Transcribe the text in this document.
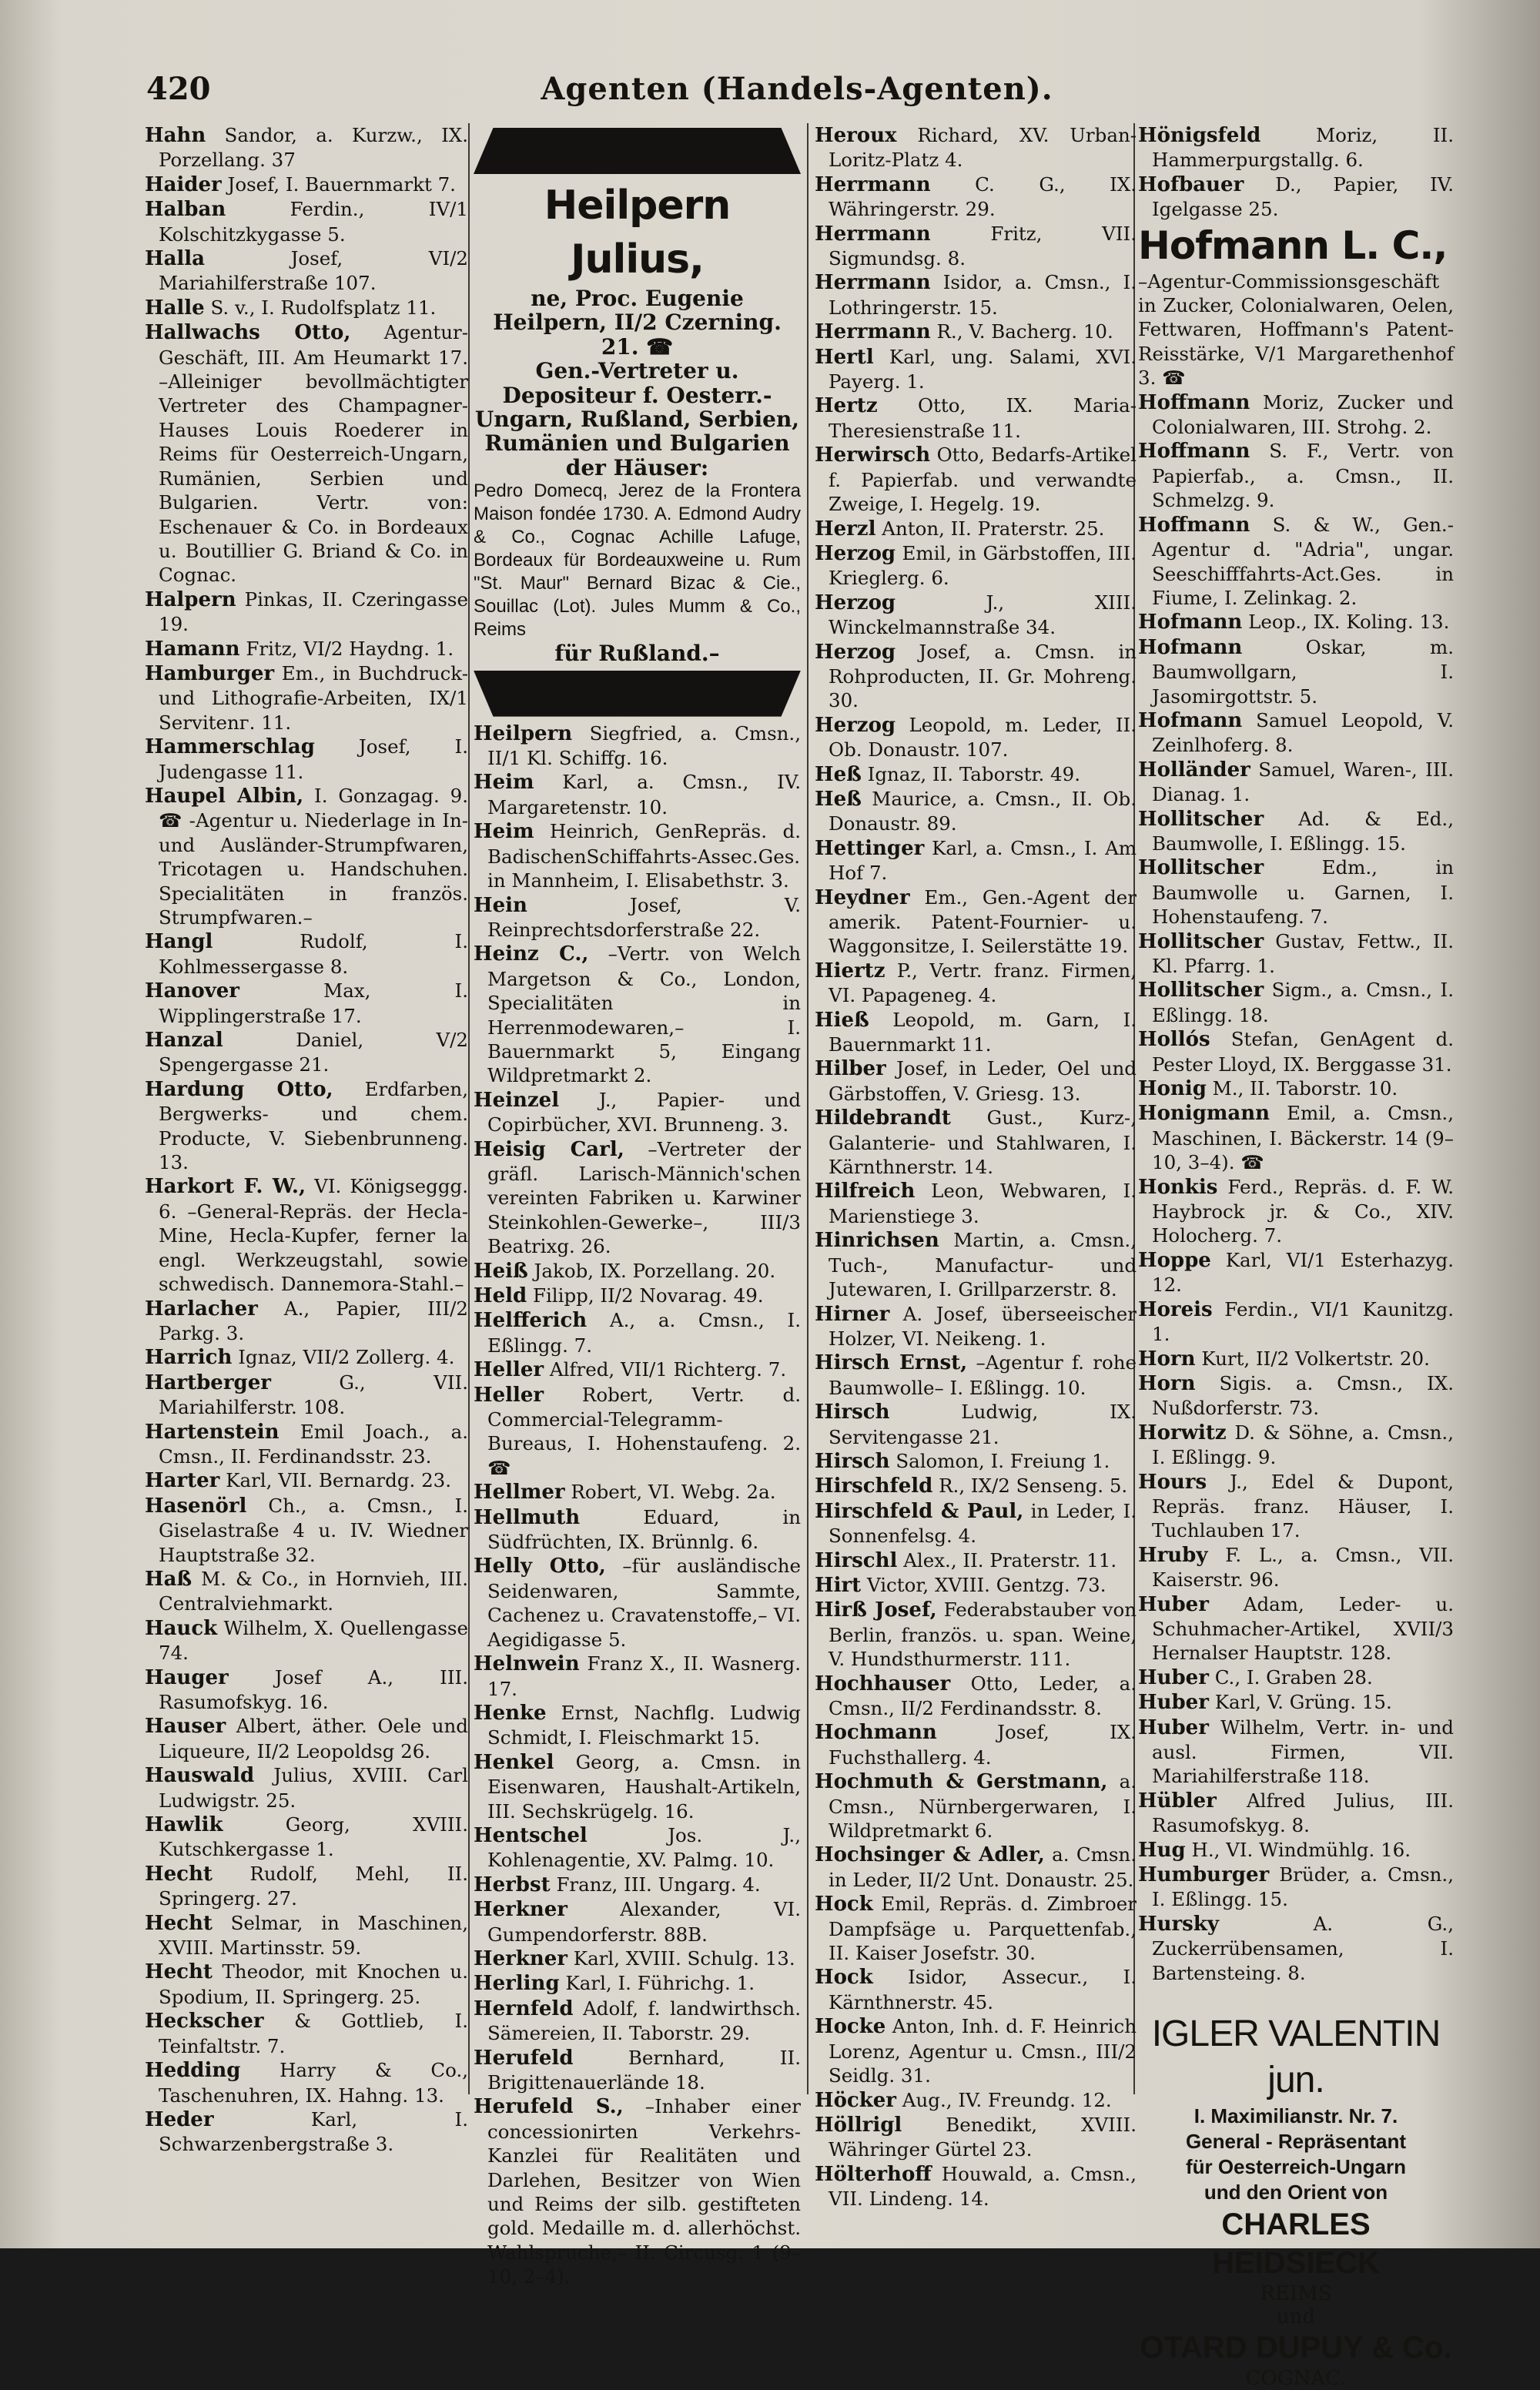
420	Agenten (Handels-Agenten).
Hahn Sandor, a. Kurzw., IX. Porzellang. 37
Haider Josef, I. Bauernmarkt 7.
Halban	Ferdin., IV/1 Kolschitzkygasse 5.
Halla	Josef, VI/2 Mariahilferstraße 107.
Halle S. v., I. Rudolfsplatz 11.
Hallwachs Otto, Agentur-Geschäft, III. Am Heumarkt 17. –Alleiniger bevollmächtigter Vertreter des Champagner-Hauses Louis Roederer in Reims für Oesterreich-Ungarn, Rumänien, Serbien und Bulgarien. Vertr. von: Eschenauer & Co. in Bordeaux u. Boutillier G. Briand & Co. in Cognac.
Halpern Pinkas, II. Czeringasse 19.
Hamann Fritz, VI/2 Haydng. 1.
Hamburger Em., in Buchdruck- und Lithografie-Arbeiten, IX/1 Servitenг. 11.
Hammerschlag Josef, I. Judengasse 11.
Haupel Albin, I. Gonzagag. 9. ☎ -Agentur u. Niederlage in In- und Ausländer-Strumpfwaren, Tricotagen u. Handschuhen. Specialitäten in französ. Strumpfwaren.–
Hangl	Rudolf, I. Kohlmessergasse 8.
Hanover	Max, I. Wipplingerstraße 17.
Hanzal	Daniel, V/2 Spengergasse 21.
Hardung Otto, Erdfarben, Bergwerks- und chem. Producte, V. Siebenbrunneng. 13.
Harkort F. W., VI. Königseggg. 6. –General-Repräs. der Hecla-Mine, Hecla-Kupfer, ferner la engl. Werkzeugstahl, sowie schwedisch. Dannemora-Stahl.–
Harlacher A., Papier, III/2 Parkg. 3.
Harrich Ignaz, VII/2 Zollerg. 4.
Hartberger	G., VII. Mariahilferstr. 108.
Hartenstein Emil Joach., a. Cmsn., II. Ferdinandsstr. 23.
Harter Karl, VII. Bernardg. 23.
Hasenörl Ch., a. Cmsn., I. Giselastraße 4 u. IV. Wiedner Hauptstraße 32.
Haß M. & Co., in Hornvieh, III. Centralviehmarkt.
Hauck Wilhelm, X. Quellengasse 74.
Hauger Josef A., III. Rasumofskyg. 16.
Hauser Albert, äther. Oele und Liqueure, II/2 Leopoldsg 26.
Hauswald Julius, XVIII. Carl Ludwigstr. 25.
Hawlik	Georg, XVIII. Kutschkergasse 1.
Hecht Rudolf, Mehl, II. Springerg. 27.
Hecht Selmar, in Maschinen, XVIII. Martinsstr. 59.
Hecht Theodor, mit Knochen u. Spodium, II. Springerg. 25.
Heckscher & Gottlieb, I. Teinfaltstr. 7.
Hedding Harry & Co., Taschenuhren, IX. Hahng. 13.
Heder	Karl, I. Schwarzenbergstraße 3.
Heilpern Julius,
ne, Proc. Eugenie Heilpern, II/2 Czerning. 21. ☎
Gen.-Vertreter u. Depositeur f. Oesterr.-Ungarn, Rußland, Serbien, Rumänien und Bulgarien der Häuser:
Pedro Domecq, Jerez de la Frontera Maison fondée 1730. A. Edmond Audry & Co., Cognac Achille Lafuge, Bordeaux für Bordeauxweine u. Rum "St. Maur" Bernard Bizac & Cie., Souillac (Lot). Jules Mumm & Co., Reims
für Rußland.–
Heilpern Siegfried, a. Cmsn., II/1 Kl. Schiffg. 16.
Heim Karl, a. Cmsn., IV. Margaretenstr. 10.
Heim Heinrich, GenRepräs. d. BadischenSchiffahrts-Assec.Ges. in Mannheim, I. Elisabethstr. 3.
Hein	Josef, V. Reinprechtsdorferstraße 22.
Heinz C., –Vertr. von Welch Margetson & Co., London, Specialitäten in Herrenmodewaren,– I. Bauernmarkt 5, Eingang Wildpretmarkt 2.
Heinzel J., Papier- und Copirbücher, XVI. Brunneng. 3.
Heisig Carl, –Vertreter der gräfl. Larisch-Männich'schen vereinten Fabriken u. Karwiner Steinkohlen-Gewerke–, III/3 Beatrixg. 26.
Heiß Jakob, IX. Porzellang. 20.
Held Filipp, II/2 Novarag. 49.
Helfferich A., a. Cmsn., I. Eßlingg. 7.
Heller Alfred, VII/1 Richterg. 7.
Heller Robert, Vertr. d. Commercial-Telegramm-Bureaus, I. Hohenstaufeng. 2. ☎
Hellmer Robert, VI. Webg. 2a.
Hellmuth	Eduard, in Südfrüchten, IX. Brünnlg. 6.
Helly Otto, –für ausländische Seidenwaren, Sammte, Cachenez u. Cravatenstoffe,– VI. Aegidigasse 5.
Helnwein Franz X., II. Wasnerg. 17.
Henke Ernst, Nachflg. Ludwig Schmidt, I. Fleischmarkt 15.
Henkel Georg, a. Cmsn. in Eisenwaren, Haushalt-Artikeln, III. Sechskrügelg. 16.
Hentschel	Jos. J., Kohlenagentie, XV. Palmg. 10.
Herbst Franz, III. Ungarg. 4.
Herkner	Alexander, VI. Gumpendorferstr. 88B.
Herkner Karl, XVIII. Schulg. 13.
Herling Karl, I. Führichg. 1.
Hernfeld Adolf, f. landwirthsch. Sämereien, II. Taborstr. 29.
Herufeld	Bernhard, II. Brigittenauerlände 18.
Herufeld S., –Inhaber einer concessionirten Verkehrs-Kanzlei für Realitäten und Darlehen, Besitzer von Wien und Reims der silb. gestifteten gold. Medaille m. d. allerhöchst. Wahlspruche,– II. Circusg. 1 (9–10, 2–4).
Heroux Richard, XV. Urban-Loritz-Platz 4.
Herrmann C. G., IX. Währingerstr. 29.
Herrmann	Fritz, VII. Sigmundsg. 8.
Herrmann Isidor, a. Cmsn., I. Lothringerstr. 15.
Herrmann R., V. Bacherg. 10.
Hertl Karl, ung. Salami, XVI. Payerg. 1.
Hertz Otto, IX. Maria-Theresienstraße 11.
Herwirsch Otto, Bedarfs-Artikel f. Papierfab. und verwandte Zweige, I. Hegelg. 19.
Herzl Anton, II. Praterstr. 25.
Herzog Emil, in Gärbstoffen, III. Krieglerg. 6.
Herzog	J., XIII. Winckelmannstraße 34.
Herzog Josef, a. Cmsn. in Rohproducten, II. Gr. Mohreng. 30.
Herzog Leopold, m. Leder, II. Ob. Donaustr. 107.
Heß Ignaz, II. Taborstr. 49.
Heß Maurice, a. Cmsn., II. Ob. Donaustr. 89.
Hettinger Karl, a. Cmsn., I. Am Hof 7.
Heydner Em., Gen.-Agent der amerik. Patent-Fournier- u. Waggonsitze, I. Seilerstätte 19.
Hiertz P., Vertr. franz. Firmen, VI. Papageneg. 4.
Hieß Leopold, m. Garn, I. Bauernmarkt 11.
Hilber Josef, in Leder, Oel und Gärbstoffen, V. Griesg. 13.
Hildebrandt Gust., Kurz-, Galanterie- und Stahlwaren, I. Kärnthnerstr. 14.
Hilfreich Leon, Webwaren, I. Marienstiege 3.
Hinrichsen Martin, a. Cmsn., Tuch-, Manufactur- und Jutewaren, I. Grillparzerstr. 8.
Hirner A. Josef, überseeischer Holzer, VI. Neikeng. 1.
Hirsch Ernst, –Agentur f. rohe Baumwolle– I. Eßlingg. 10.
Hirsch	Ludwig, IX. Servitengasse 21.
Hirsch Salomon, I. Freiung 1.
Hirschfeld R., IX/2 Senseng. 5.
Hirschfeld & Paul, in Leder, I. Sonnenfelsg. 4.
Hirschl Alex., II. Praterstr. 11.
Hirt Victor, XVIII. Gentzg. 73.
Hirß Josef, Federabstauber von Berlin, französ. u. span. Weine, V. Hundsthurmerstr. 111.
Hochhauser Otto, Leder, a. Cmsn., II/2 Ferdinandsstr. 8.
Hochmann	Josef, IX. Fuchsthallerg. 4.
Hochmuth & Gerstmann, a. Cmsn., Nürnbergerwaren, I. Wildpretmarkt 6.
Hochsinger & Adler, a. Cmsn. in Leder, II/2 Unt. Donaustr. 25.
Hock Emil, Repräs. d. Zimbroer Dampfsäge u. Parquettenfab., II. Kaiser Josefstr. 30.
Hock Isidor, Assecur., I. Kärnthnerstr. 45.
Hocke Anton, Inh. d. F. Heinrich Lorenz, Agentur u. Cmsn., III/2 Seidlg. 31.
Höcker Aug., IV. Freundg. 12.
Höllrigl Benedikt, XVIII. Währinger Gürtel 23.
Hölterhoff Houwald, a. Cmsn., VII. Lindeng. 14.
Hönigsfeld	Moriz, II. Hammerpurgstallg. 6.
Hofbauer D., Papier, IV. Igelgasse 25.
Hofmann L. C.,
–Agentur-Commissionsgeschäft in Zucker, Colonialwaren, Oelen, Fettwaren, Hoffmann's Patent-Reisstärke, V/1 Margarethenhof 3. ☎
Hoffmann Moriz, Zucker und Colonialwaren, III. Strohg. 2.
Hoffmann S. F., Vertr. von Papierfab., a. Cmsn., II. Schmelzg. 9.
Hoffmann S. & W., Gen.-Agentur d. "Adria", ungar. Seeschifffahrts-Act.Ges. in Fiume, I. Zelinkag. 2.
Hofmann Leop., IX. Koling. 13.
Hofmann	Oskar, m. Baumwollgarn, I. Jasomirgottstr. 5.
Hofmann Samuel Leopold, V. Zeinlhoferg. 8.
Holländer Samuel, Waren-, III. Dianag. 1.
Hollitscher Ad. & Ed., Baumwolle, I. Eßlingg. 15.
Hollitscher	Edm., in Baumwolle u. Garnen, I. Hohenstaufeng. 7.
Hollitscher Gustav, Fettw., II. Kl. Pfarrg. 1.
Hollitscher Sigm., a. Cmsn., I. Eßlingg. 18.
Hollós Stefan, GenAgent d. Pester Lloyd, IX. Berggasse 31.
Honig M., II. Taborstr. 10.
Honigmann Emil, a. Cmsn., Maschinen, I. Bäckerstr. 14 (9–10, 3–4). ☎
Honkis Ferd., Repräs. d. F. W. Haybrock jr. & Co., XIV. Holocherg. 7.
Hoppe Karl, VI/1 Esterhazyg. 12.
Horeis Ferdin., VI/1 Kaunitzg. 1.
Horn Kurt, II/2 Volkertstr. 20.
Horn Sigis. a. Cmsn., IX. Nußdorferstr. 73.
Horwitz D. & Söhne, a. Cmsn., I. Eßlingg. 9.
Hours J., Edel & Dupont, Repräs. franz. Häuser, I. Tuchlauben 17.
Hruby F. L., a. Cmsn., VII. Kaiserstr. 96.
Huber Adam, Leder- u. Schuhmacher-Artikel, XVII/3 Hernalser Hauptstr. 128.
Huber C., I. Graben 28.
Huber Karl, V. Grüng. 15.
Huber Wilhelm, Vertr. in- und ausl. Firmen, VII. Mariahilferstraße 118.
Hübler Alfred Julius, III. Rasumofskyg. 8.
Hug H., VI. Windmühlg. 16.
Humburger Brüder, a. Cmsn., I. Eßlingg. 15.
Hursky	A. G., Zuckerrübensamen, I. Bartensteing. 8.
IGLER VALENTIN jun.
I. Maximilianstr. Nr. 7.
General - Repräsentant
für Oesterreich-Ungarn
und den Orient von
CHARLES HEIDSIECK
REIMS
und
OTARD DUPUY & Co.
COGNAC.
